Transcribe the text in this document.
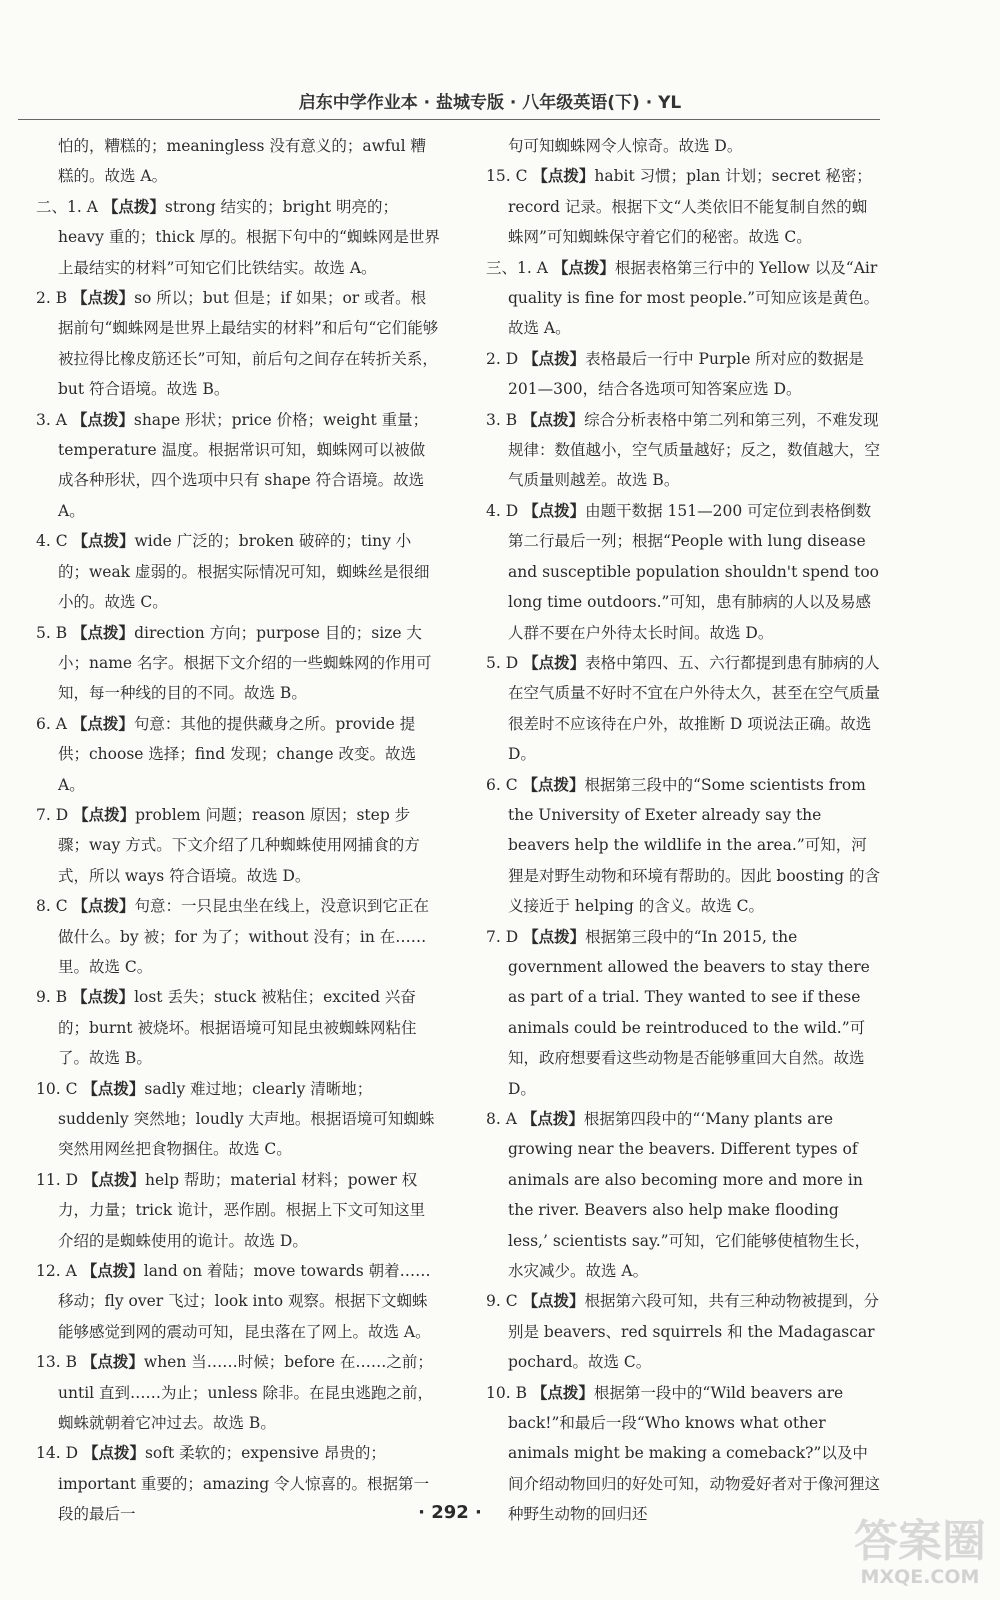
启东中学作业本 · 盐城专版 · 八年级英语(下) · YL

怕的，糟糕的；meaningless 没有意义的；awful 糟糕的。故选 A。

二、1. A 【点拨】strong 结实的；bright 明亮的；heavy 重的；thick 厚的。根据下句中的“蜘蛛网是世界上最结实的材料”可知它们比铁结实。故选 A。

2. B 【点拨】so 所以；but 但是；if 如果；or 或者。根据前句“蜘蛛网是世界上最结实的材料”和后句“它们能够被拉得比橡皮筋还长”可知，前后句之间存在转折关系，but 符合语境。故选 B。

3. A 【点拨】shape 形状；price 价格；weight 重量；temperature 温度。根据常识可知，蜘蛛网可以被做成各种形状，四个选项中只有 shape 符合语境。故选 A。

4. C 【点拨】wide 广泛的；broken 破碎的；tiny 小的；weak 虚弱的。根据实际情况可知，蜘蛛丝是很细小的。故选 C。

5. B 【点拨】direction 方向；purpose 目的；size 大小；name 名字。根据下文介绍的一些蜘蛛网的作用可知，每一种线的目的不同。故选 B。

6. A 【点拨】句意：其他的提供藏身之所。provide 提供；choose 选择；find 发现；change 改变。故选 A。

7. D 【点拨】problem 问题；reason 原因；step 步骤；way 方式。下文介绍了几种蜘蛛使用网捕食的方式，所以 ways 符合语境。故选 D。

8. C 【点拨】句意：一只昆虫坐在线上，没意识到它正在做什么。by 被；for 为了；without 没有；in 在……里。故选 C。

9. B 【点拨】lost 丢失；stuck 被粘住；excited 兴奋的；burnt 被烧坏。根据语境可知昆虫被蜘蛛网粘住了。故选 B。

10. C 【点拨】sadly 难过地；clearly 清晰地；suddenly 突然地；loudly 大声地。根据语境可知蜘蛛突然用网丝把食物捆住。故选 C。

11. D 【点拨】help 帮助；material 材料；power 权力，力量；trick 诡计，恶作剧。根据上下文可知这里介绍的是蜘蛛使用的诡计。故选 D。

12. A 【点拨】land on 着陆；move towards 朝着……移动；fly over 飞过；look into 观察。根据下文蜘蛛能够感觉到网的震动可知，昆虫落在了网上。故选 A。

13. B 【点拨】when 当……时候；before 在……之前；until 直到……为止；unless 除非。在昆虫逃跑之前，蜘蛛就朝着它冲过去。故选 B。

14. D 【点拨】soft 柔软的；expensive 昂贵的；important 重要的；amazing 令人惊喜的。根据第一段的最后一

句可知蜘蛛网令人惊奇。故选 D。

15. C 【点拨】habit 习惯；plan 计划；secret 秘密；record 记录。根据下文“人类依旧不能复制自然的蜘蛛网”可知蜘蛛保守着它们的秘密。故选 C。

三、1. A 【点拨】根据表格第三行中的 Yellow 以及“Air quality is fine for most people.”可知应该是黄色。故选 A。

2. D 【点拨】表格最后一行中 Purple 所对应的数据是 201—300，结合各选项可知答案应选 D。

3. B 【点拨】综合分析表格中第二列和第三列，不难发现规律：数值越小，空气质量越好；反之，数值越大，空气质量则越差。故选 B。

4. D 【点拨】由题干数据 151—200 可定位到表格倒数第二行最后一列；根据“People with lung disease and susceptible population shouldn't spend too long time outdoors.”可知，患有肺病的人以及易感人群不要在户外待太长时间。故选 D。

5. D 【点拨】表格中第四、五、六行都提到患有肺病的人在空气质量不好时不宜在户外待太久，甚至在空气质量很差时不应该待在户外，故推断 D 项说法正确。故选 D。

6. C 【点拨】根据第三段中的“Some scientists from the University of Exeter already say the beavers help the wildlife in the area.”可知，河狸是对野生动物和环境有帮助的。因此 boosting 的含义接近于 helping 的含义。故选 C。

7. D 【点拨】根据第三段中的“In 2015, the government allowed the beavers to stay there as part of a trial. They wanted to see if these animals could be reintroduced to the wild.”可知，政府想要看这些动物是否能够重回大自然。故选 D。

8. A 【点拨】根据第四段中的“‘Many plants are growing near the beavers. Different types of animals are also becoming more and more in the river. Beavers also help make flooding less,’ scientists say.”可知，它们能够使植物生长，水灾减少。故选 A。

9. C 【点拨】根据第六段可知，共有三种动物被提到，分别是 beavers、red squirrels 和 the Madagascar pochard。故选 C。

10. B 【点拨】根据第一段中的“Wild beavers are back!”和最后一段“Who knows what other animals might be making a comeback?”以及中间介绍动物回归的好处可知，动物爱好者对于像河狸这种野生动物的回归还

· 292 ·
答案圈
MXQE.COM
